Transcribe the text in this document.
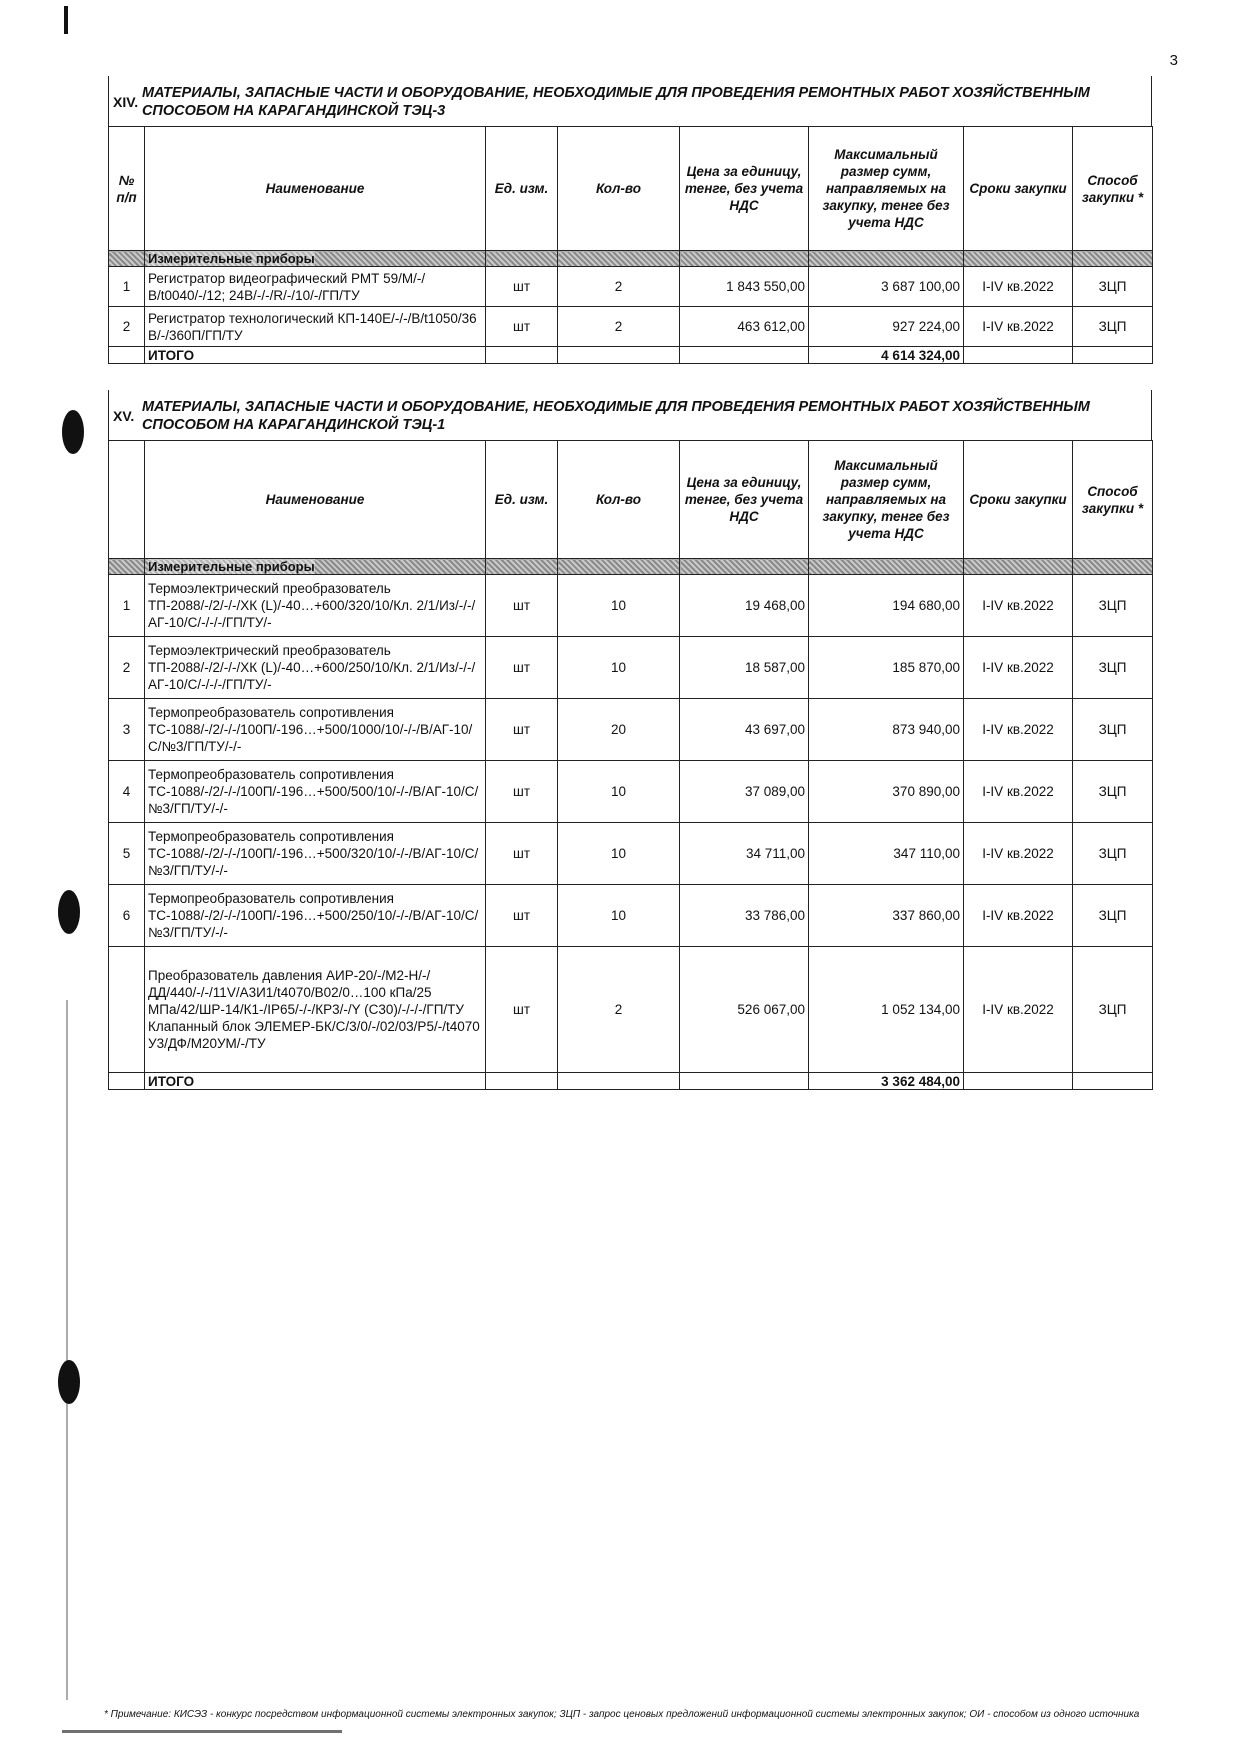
3
XIV.
МАТЕРИАЛЫ, ЗАПАСНЫЕ ЧАСТИ И ОБОРУДОВАНИЕ, НЕОБХОДИМЫЕ ДЛЯ ПРОВЕДЕНИЯ РЕМОНТНЫХ РАБОТ ХОЗЯЙСТВЕННЫМ СПОСОБОМ НА КАРАГАНДИНСКОЙ ТЭЦ-3
№ п/п	Наименование	Ед. изм.	Кол-во	Цена за единицу, тенге, без учета НДС	Максимальный размер сумм, направляемых на закупку, тенге без учета НДС	Сроки закупки	Способ закупки *
	Измерительные приборы						
1	Регистратор видеографический РМТ 59/М/-/В/t0040/-/12; 24В/-/-/R/-/10/-/ГП/ТУ	шт	2	1 843 550,00	3 687 100,00	I-IV кв.2022	ЗЦП
2	Регистратор технологический КП-140Е/-/-/В/t1050/36 В/-/360П/ГП/ТУ	шт	2	463 612,00	927 224,00	I-IV кв.2022	ЗЦП
	ИТОГО				4 614 324,00		
XV.
МАТЕРИАЛЫ, ЗАПАСНЫЕ ЧАСТИ И ОБОРУДОВАНИЕ, НЕОБХОДИМЫЕ ДЛЯ ПРОВЕДЕНИЯ РЕМОНТНЫХ РАБОТ ХОЗЯЙСТВЕННЫМ СПОСОБОМ НА КАРАГАНДИНСКОЙ ТЭЦ-1
	Наименование	Ед. изм.	Кол-во	Цена за единицу, тенге, без учета НДС	Максимальный размер сумм, направляемых на закупку, тенге без учета НДС	Сроки закупки	Способ закупки *
	Измерительные приборы						
1	Термоэлектрический преобразователь ТП-2088/-/2/-/-/ХК (L)/-40…+600/320/10/Кл. 2/1/Из/-/-/АГ-10/С/-/-/-/ГП/ТУ/-	шт	10	19 468,00	194 680,00	I-IV кв.2022	ЗЦП
2	Термоэлектрический преобразователь ТП-2088/-/2/-/-/ХК (L)/-40…+600/250/10/Кл. 2/1/Из/-/-/АГ-10/С/-/-/-/ГП/ТУ/-	шт	10	18 587,00	185 870,00	I-IV кв.2022	ЗЦП
3	Термопреобразователь сопротивления ТС-1088/-/2/-/-/100П/-196…+500/1000/10/-/-/В/АГ-10/С/№3/ГП/ТУ/-/-	шт	20	43 697,00	873 940,00	I-IV кв.2022	ЗЦП
4	Термопреобразователь сопротивления ТС-1088/-/2/-/-/100П/-196…+500/500/10/-/-/В/АГ-10/С/№3/ГП/ТУ/-/-	шт	10	37 089,00	370 890,00	I-IV кв.2022	ЗЦП
5	Термопреобразователь сопротивления ТС-1088/-/2/-/-/100П/-196…+500/320/10/-/-/В/АГ-10/С/№3/ГП/ТУ/-/-	шт	10	34 711,00	347 110,00	I-IV кв.2022	ЗЦП
6	Термопреобразователь сопротивления ТС-1088/-/2/-/-/100П/-196…+500/250/10/-/-/В/АГ-10/С/№3/ГП/ТУ/-/-	шт	10	33 786,00	337 860,00	I-IV кв.2022	ЗЦП
	Преобразователь давления АИР-20/-/М2-Н/-/ДД/440/-/-/11V/A3И1/t4070/В02/0…100 кПа/25 МПа/42/ШР-14/К1-/IP65/-/-/КР3/-/Y (С30)/-/-/-/ГП/ТУ Клапанный блок ЭЛЕМЕР-БК/С/3/0/-/02/03/Р5/-/t4070 У3/ДФ/М20УМ/-/ТУ	шт	2	526 067,00	1 052 134,00	I-IV кв.2022	ЗЦП
	ИТОГО				3 362 484,00		
* Примечание: КИСЭЗ - конкурс посредством информационной системы электронных закупок; ЗЦП - запрос ценовых предложений информационной системы электронных закупок; ОИ - способом из одного источника
